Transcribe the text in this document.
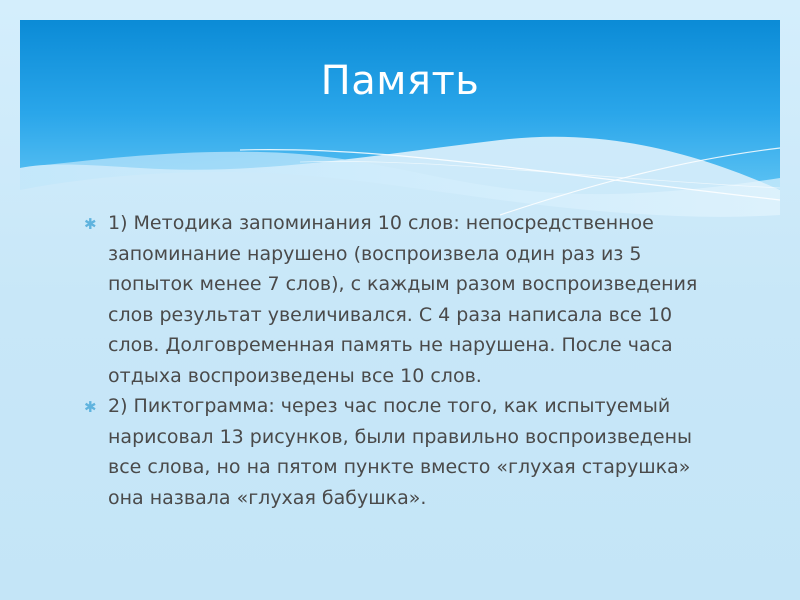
Память
✱ 1) Методика запоминания 10 слов: непосредственное запоминание нарушено (воспроизвела один раз из 5 попыток менее 7 слов), с каждым разом воспроизведения слов результат увеличивался. С 4 раза написала все 10 слов. Долговременная память не нарушена. После часа отдыха воспроизведены все 10 слов.
✱ 2) Пиктограмма: через час после того, как испытуемый нарисовал 13 рисунков, были правильно воспроизведены все слова, но на пятом пункте вместо «глухая старушка» она назвала «глухая бабушка».
